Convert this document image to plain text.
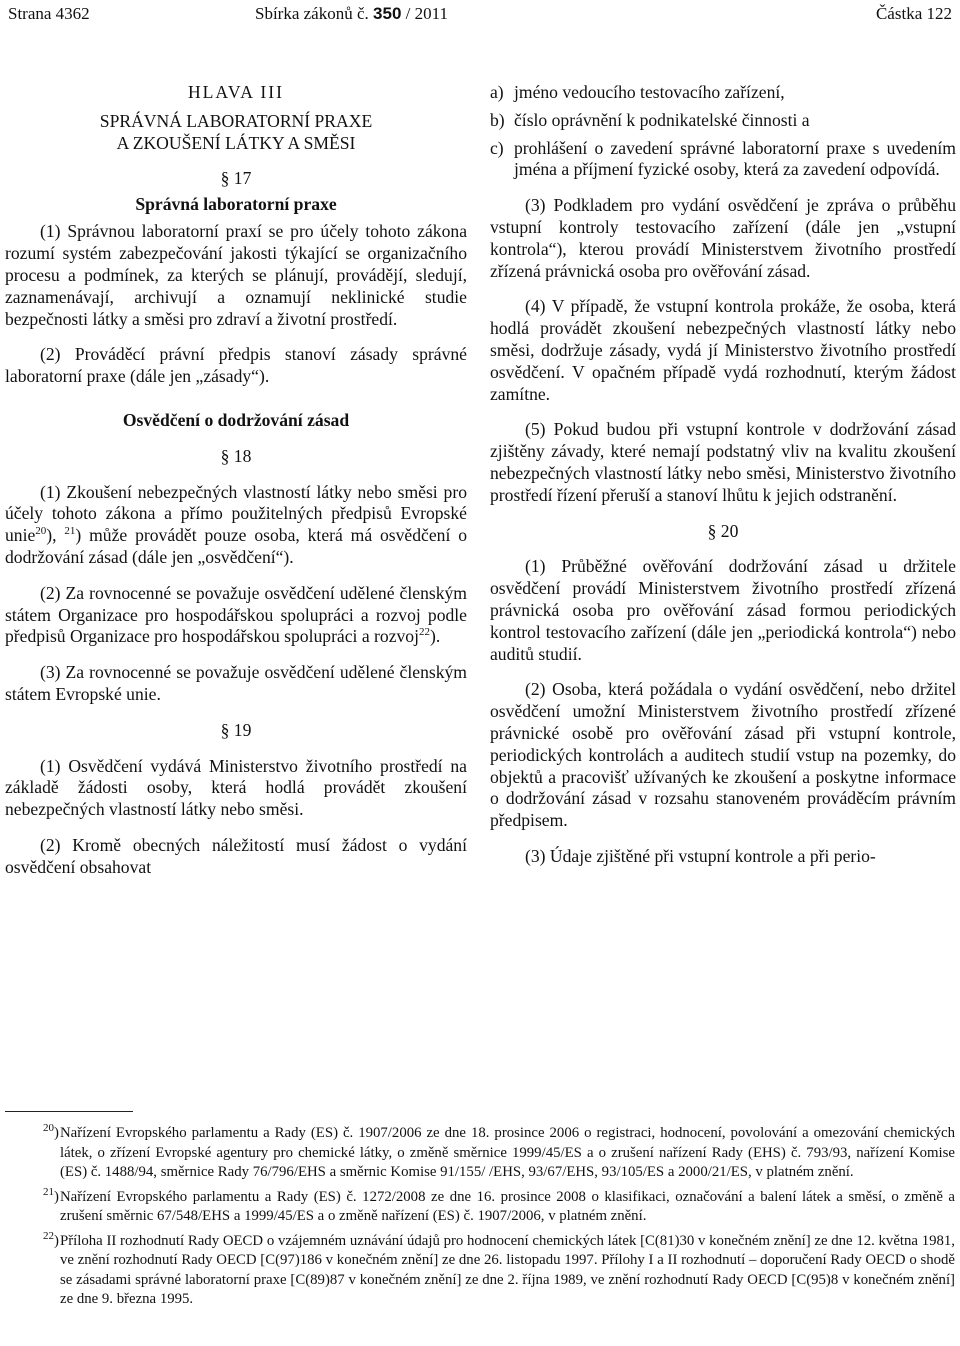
Strana 4362	Sbírka zákonů č. 350 / 2011	Částka 122

HLAVA III

SPRÁVNÁ LABORATORNÍ PRAXE
A ZKOUŠENÍ LÁTKY A SMĚSI

§ 17

Správná laboratorní praxe

(1) Správnou laboratorní praxí se pro účely tohoto zákona rozumí systém zabezpečování jakosti týkající se organizačního procesu a podmínek, za kterých se plánují, provádějí, sledují, zaznamenávají, archivují a oznamují neklinické studie bezpečnosti látky a směsi pro zdraví a životní prostředí.

(2) Prováděcí právní předpis stanoví zásady správné laboratorní praxe (dále jen „zásady“).

Osvědčení o dodržování zásad

§ 18

(1) Zkoušení nebezpečných vlastností látky nebo směsi pro účely tohoto zákona a přímo použitelných předpisů Evropské unie$^{20}$), $^{21}$) může provádět pouze osoba, která má osvědčení o dodržování zásad (dále jen „osvědčení“).

(2) Za rovnocenné se považuje osvědčení udělené členským státem Organizace pro hospodářskou spolupráci a rozvoj podle předpisů Organizace pro hospodářskou spolupráci a rozvoj$^{22}$).

(3) Za rovnocenné se považuje osvědčení udělené členským státem Evropské unie.

§ 19

(1) Osvědčení vydává Ministerstvo životního prostředí na základě žádosti osoby, která hodlá provádět zkoušení nebezpečných vlastností látky nebo směsi.

(2) Kromě obecných náležitostí musí žádost o vydání osvědčení obsahovat

a) jméno vedoucího testovacího zařízení,

b) číslo oprávnění k podnikatelské činnosti a

c) prohlášení o zavedení správné laboratorní praxe s uvedením jména a příjmení fyzické osoby, která za zavedení odpovídá.

(3) Podkladem pro vydání osvědčení je zpráva o průběhu vstupní kontroly testovacího zařízení (dále jen „vstupní kontrola“), kterou provádí Ministerstvem životního prostředí zřízená právnická osoba pro ověřování zásad.

(4) V případě, že vstupní kontrola prokáže, že osoba, která hodlá provádět zkoušení nebezpečných vlastností látky nebo směsi, dodržuje zásady, vydá jí Ministerstvo životního prostředí osvědčení. V opačném případě vydá rozhodnutí, kterým žádost zamítne.

(5) Pokud budou při vstupní kontrole v dodržování zásad zjištěny závady, které nemají podstatný vliv na kvalitu zkoušení nebezpečných vlastností látky nebo směsi, Ministerstvo životního prostředí řízení přeruší a stanoví lhůtu k jejich odstranění.

§ 20

(1) Průběžné ověřování dodržování zásad u držitele osvědčení provádí Ministerstvem životního prostředí zřízená právnická osoba pro ověřování zásad formou periodických kontrol testovacího zařízení (dále jen „periodická kontrola“) nebo auditů studií.

(2) Osoba, která požádala o vydání osvědčení, nebo držitel osvědčení umožní Ministerstvem životního prostředí zřízené právnické osobě pro ověřování zásad při vstupní kontrole, periodických kontrolách a auditech studií vstup na pozemky, do objektů a pracovišť užívaných ke zkoušení a poskytne informace o dodržování zásad v rozsahu stanoveném prováděcím právním předpisem.

(3) Údaje zjištěné při vstupní kontrole a při perio-

$^{20}$) Nařízení Evropského parlamentu a Rady (ES) č. 1907/2006 ze dne 18. prosince 2006 o registraci, hodnocení, povolování a omezování chemických látek, o zřízení Evropské agentury pro chemické látky, o změně směrnice 1999/45/ES a o zrušení nařízení Rady (EHS) č. 793/93, nařízení Komise (ES) č. 1488/94, směrnice Rady 76/796/EHS a směrnic Komise 91/155/ /EHS, 93/67/EHS, 93/105/ES a 2000/21/ES, v platném znění.

$^{21}$) Nařízení Evropského parlamentu a Rady (ES) č. 1272/2008 ze dne 16. prosince 2008 o klasifikaci, označování a balení látek a směsí, o změně a zrušení směrnic 67/548/EHS a 1999/45/ES a o změně nařízení (ES) č. 1907/2006, v platném znění.

$^{22}$) Příloha II rozhodnutí Rady OECD o vzájemném uznávání údajů pro hodnocení chemických látek [C(81)30 v konečném znění] ze dne 12. května 1981, ve znění rozhodnutí Rady OECD [C(97)186 v konečném znění] ze dne 26. listopadu 1997. Přílohy I a II rozhodnutí – doporučení Rady OECD o shodě se zásadami správné laboratorní praxe [C(89)87 v konečném znění] ze dne 2. října 1989, ve znění rozhodnutí Rady OECD [C(95)8 v konečném znění] ze dne 9. března 1995.
